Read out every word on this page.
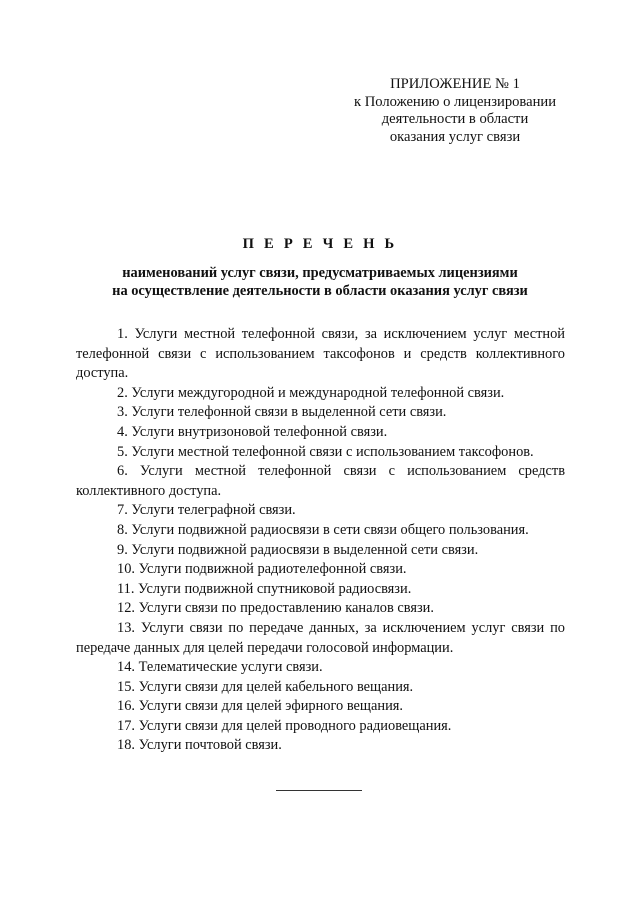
ПРИЛОЖЕНИЕ № 1
к Положению о лицензировании
деятельности в области
оказания услуг связи
П Е Р Е Ч Е Н Ь
наименований услуг связи, предусматриваемых лицензиями
на осуществление деятельности в области оказания услуг связи

1. Услуги местной телефонной связи, за исключением услуг местной телефонной связи с использованием таксофонов и средств коллективного доступа.

2. Услуги междугородной и международной телефонной связи.

3. Услуги телефонной связи в выделенной сети связи.

4. Услуги внутризоновой телефонной связи.

5. Услуги местной телефонной связи с использованием таксофонов.

6. Услуги местной телефонной связи с использованием средств коллективного доступа.

7. Услуги телеграфной связи.

8. Услуги подвижной радиосвязи в сети связи общего пользования.

9. Услуги подвижной радиосвязи в выделенной сети связи.

10. Услуги подвижной радиотелефонной связи.

11. Услуги подвижной спутниковой радиосвязи.

12. Услуги связи по предоставлению каналов связи.

13. Услуги связи по передаче данных, за исключением услуг связи по передаче данных для целей передачи голосовой информации.

14. Телематические услуги связи.

15. Услуги связи для целей кабельного вещания.

16. Услуги связи для целей эфирного вещания.

17. Услуги связи для целей проводного радиовещания.

18. Услуги почтовой связи.
